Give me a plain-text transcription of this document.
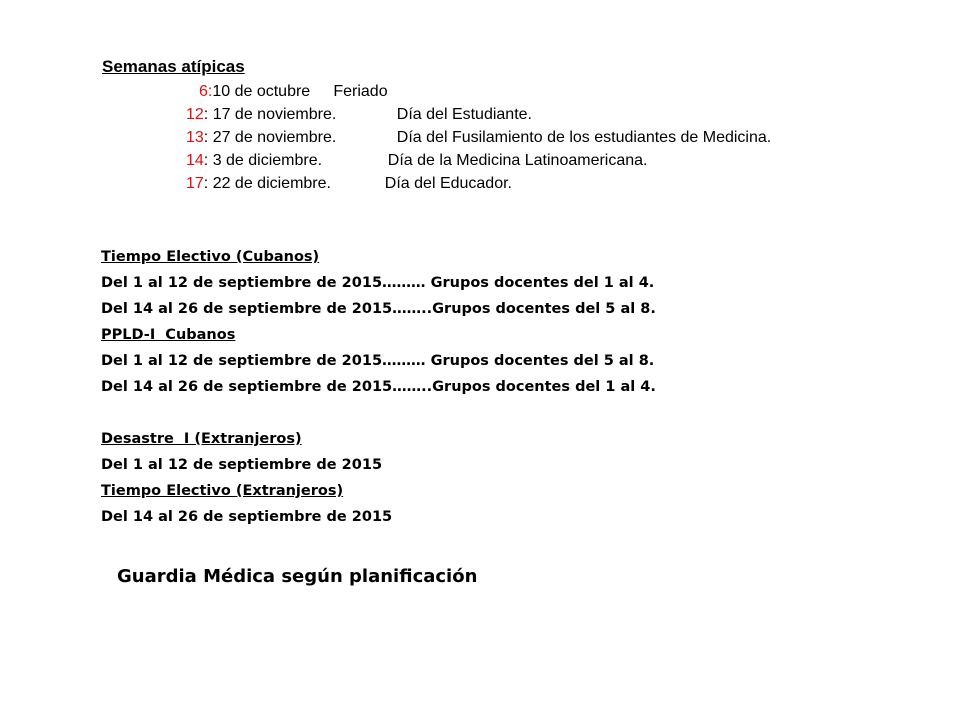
Semanas atípicas
6:10 de octubre Feriado
12: 17 de noviembre.	Día del Estudiante.
13: 27 de noviembre.	Día del Fusilamiento de los estudiantes de Medicina.
14: 3 de diciembre.	Día de la Medicina Latinoamericana.
17: 22 de diciembre.	Día del Educador.
Tiempo Electivo (Cubanos)
Del 1 al 12 de septiembre de 2015……… Grupos docentes del 1 al 4.
Del 14 al 26 de septiembre de 2015……..Grupos docentes del 5 al 8.
PPLD-I  Cubanos
Del 1 al 12 de septiembre de 2015……… Grupos docentes del 5 al 8.
Del 14 al 26 de septiembre de 2015……..Grupos docentes del 1 al 4.
Desastre  I (Extranjeros)
Del 1 al 12 de septiembre de 2015
Tiempo Electivo (Extranjeros)
Del 14 al 26 de septiembre de 2015
Guardia Médica según planificación
